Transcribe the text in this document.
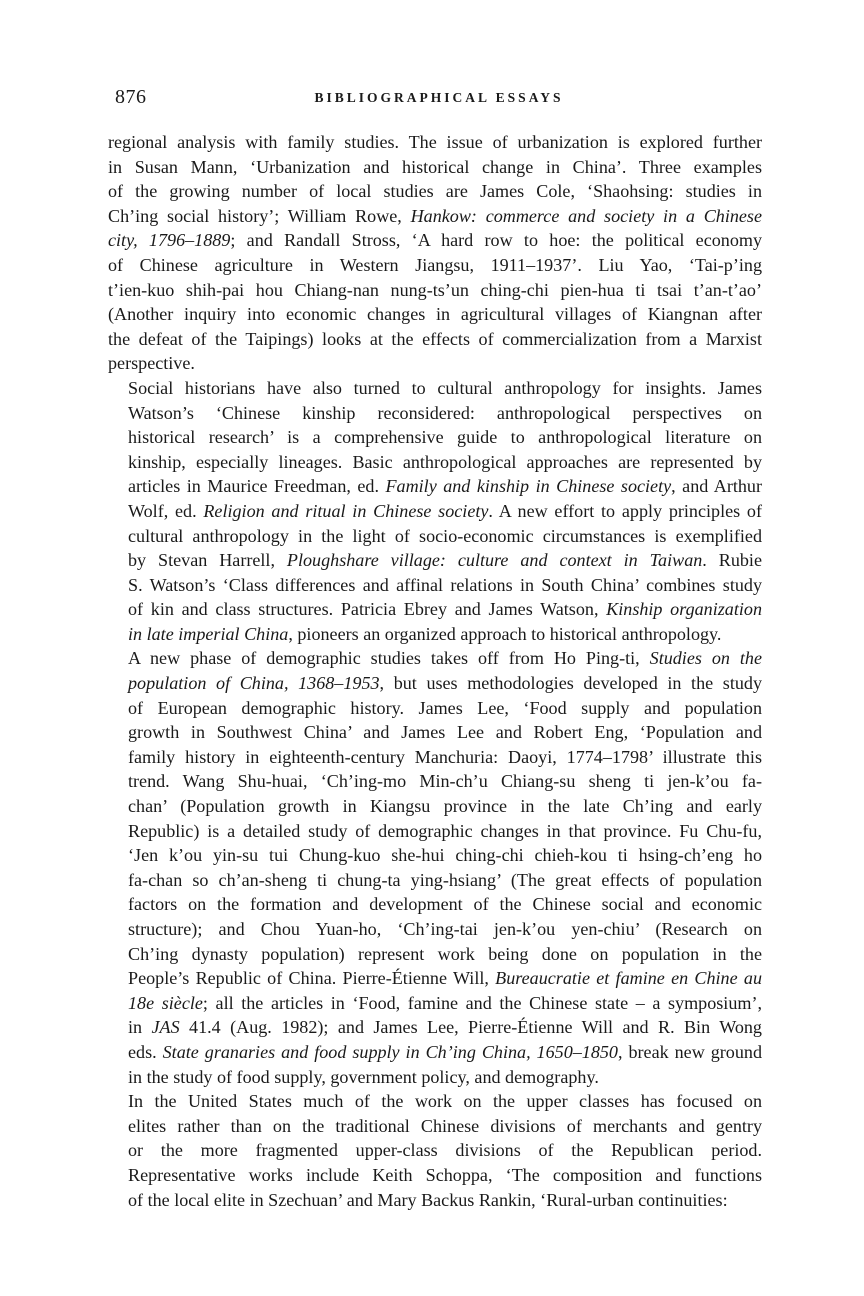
876	BIBLIOGRAPHICAL ESSAYS

regional analysis with family studies. The issue of urbanization is explored further
in Susan Mann, ‘Urbanization and historical change in China’. Three examples
of the growing number of local studies are James Cole, ‘Shaohsing: studies in
Ch’ing social history’; William Rowe, Hankow: commerce and society in a Chinese
city, 1796–1889; and Randall Stross, ‘A hard row to hoe: the political economy
of Chinese agriculture in Western Jiangsu, 1911–1937’. Liu Yao, ‘Tai-p’ing
t’ien-kuo shih-pai hou Chiang-nan nung-ts’un ching-chi pien-hua ti tsai t’an-t’ao’
(Another inquiry into economic changes in agricultural villages of Kiangnan after
the defeat of the Taipings) looks at the effects of commercialization from a Marxist
perspective.

Social historians have also turned to cultural anthropology for insights. James
Watson’s ‘Chinese kinship reconsidered: anthropological perspectives on
historical research’ is a comprehensive guide to anthropological literature on
kinship, especially lineages. Basic anthropological approaches are represented by
articles in Maurice Freedman, ed. Family and kinship in Chinese society, and Arthur
Wolf, ed. Religion and ritual in Chinese society. A new effort to apply principles of
cultural anthropology in the light of socio-economic circumstances is exemplified
by Stevan Harrell, Ploughshare village: culture and context in Taiwan. Rubie
S. Watson’s ‘Class differences and affinal relations in South China’ combines study
of kin and class structures. Patricia Ebrey and James Watson, Kinship organization
in late imperial China, pioneers an organized approach to historical anthropology.

A new phase of demographic studies takes off from Ho Ping-ti, Studies on the
population of China, 1368–1953, but uses methodologies developed in the study
of European demographic history. James Lee, ‘Food supply and population
growth in Southwest China’ and James Lee and Robert Eng, ‘Population and
family history in eighteenth-century Manchuria: Daoyi, 1774–1798’ illustrate this
trend. Wang Shu-huai, ‘Ch’ing-mo Min-ch’u Chiang-su sheng ti jen-k’ou fa-
chan’ (Population growth in Kiangsu province in the late Ch’ing and early
Republic) is a detailed study of demographic changes in that province. Fu Chu-fu,
‘Jen k’ou yin-su tui Chung-kuo she-hui ching-chi chieh-kou ti hsing-ch’eng ho
fa-chan so ch’an-sheng ti chung-ta ying-hsiang’ (The great effects of population
factors on the formation and development of the Chinese social and economic
structure); and Chou Yuan-ho, ‘Ch’ing-tai jen-k’ou yen-chiu’ (Research on
Ch’ing dynasty population) represent work being done on population in the
People’s Republic of China. Pierre-Étienne Will, Bureaucratie et famine en Chine au
18e siècle; all the articles in ‘Food, famine and the Chinese state – a symposium’,
in JAS 41.4 (Aug. 1982); and James Lee, Pierre-Étienne Will and R. Bin Wong
eds. State granaries and food supply in Ch’ing China, 1650–1850, break new ground
in the study of food supply, government policy, and demography.

In the United States much of the work on the upper classes has focused on
elites rather than on the traditional Chinese divisions of merchants and gentry
or the more fragmented upper-class divisions of the Republican period.
Representative works include Keith Schoppa, ‘The composition and functions
of the local elite in Szechuan’ and Mary Backus Rankin, ‘Rural-urban continuities:
